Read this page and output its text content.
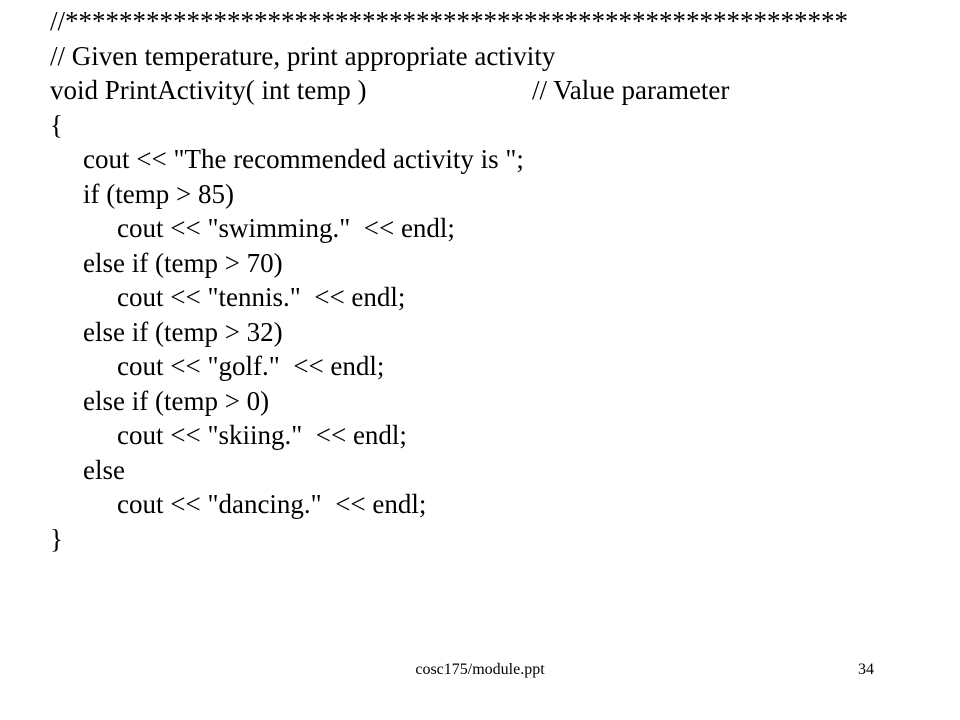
//**********************************************************
// Given temperature, print appropriate activity
void PrintActivity( int temp )	// Value parameter
{
cout << "The recommended activity is ";
if (temp > 85)
cout << "swimming."  << endl;
else if (temp > 70)
cout << "tennis."  << endl;
else if (temp > 32)
cout << "golf."  << endl;
else if (temp > 0)
cout << "skiing."  << endl;
else
cout << "dancing."  << endl;
}
cosc175/module.ppt	34
